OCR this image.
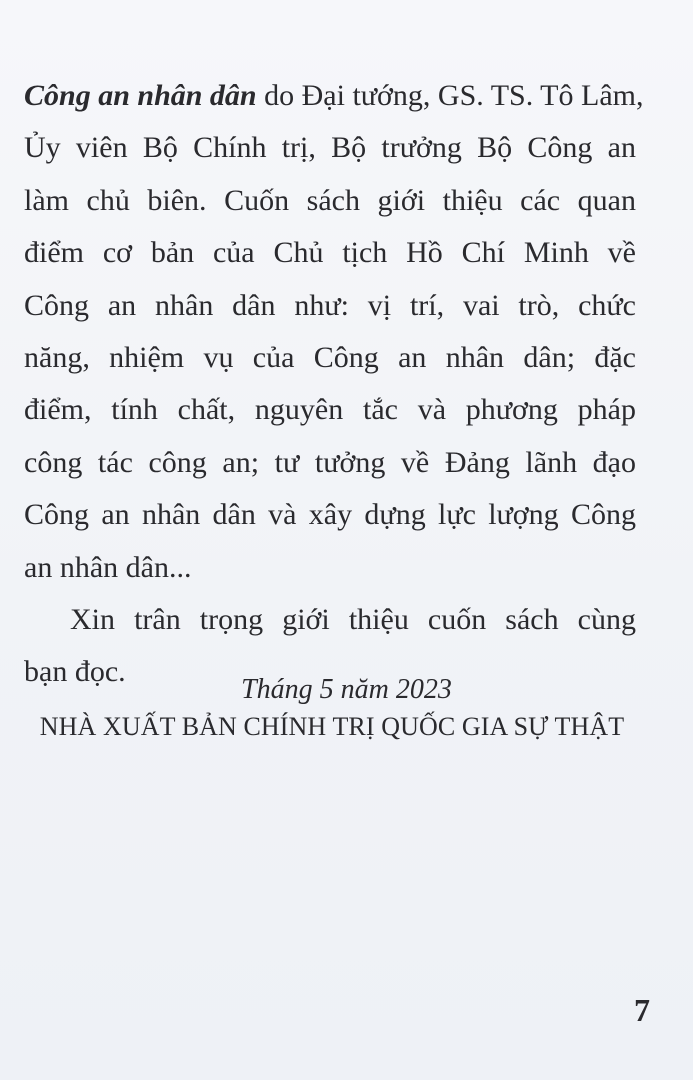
Công an nhân dân do Đại tướng, GS. TS. Tô Lâm,
Ủy viên Bộ Chính trị, Bộ trưởng Bộ Công an
làm chủ biên. Cuốn sách giới thiệu các quan
điểm cơ bản của Chủ tịch Hồ Chí Minh về
Công an nhân dân như: vị trí, vai trò, chức
năng, nhiệm vụ của Công an nhân dân; đặc
điểm, tính chất, nguyên tắc và phương pháp
công tác công an; tư tưởng về Đảng lãnh đạo
Công an nhân dân và xây dựng lực lượng Công
an nhân dân...
Xin trân trọng giới thiệu cuốn sách cùng
bạn đọc.
Tháng 5 năm 2023
NHÀ XUẤT BẢN CHÍNH TRỊ QUỐC GIA SỰ THẬT
7
